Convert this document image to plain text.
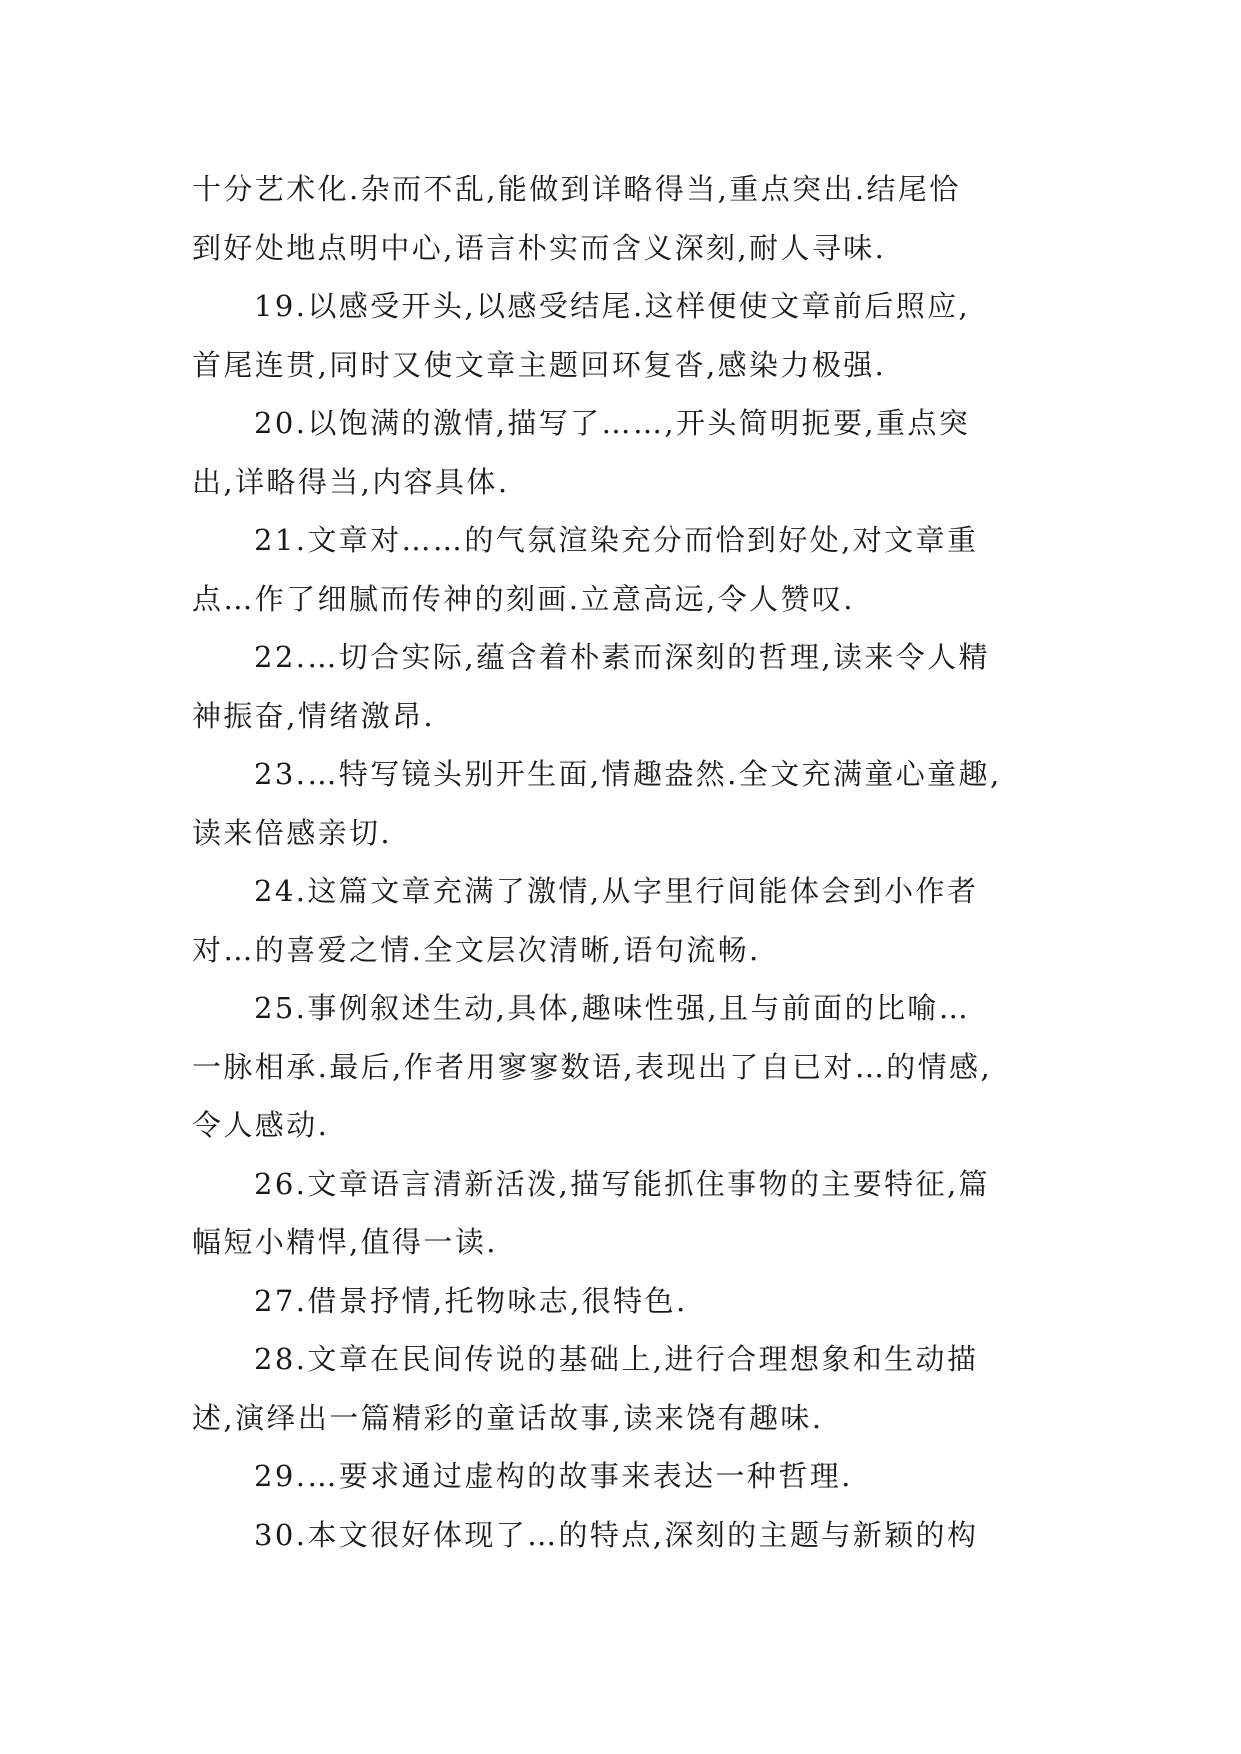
十分艺术化.杂而不乱,能做到详略得当,重点突出.结尾恰
到好处地点明中心,语言朴实而含义深刻,耐人寻味.

19.以感受开头,以感受结尾.这样便使文章前后照应,
首尾连贯,同时又使文章主题回环复沓,感染力极强.

20.以饱满的激情,描写了……,开头简明扼要,重点突
出,详略得当,内容具体.

21.文章对……的气氛渲染充分而恰到好处,对文章重
点…作了细腻而传神的刻画.立意高远,令人赞叹.

22.…切合实际,蕴含着朴素而深刻的哲理,读来令人精
神振奋,情绪激昂.

23.…特写镜头别开生面,情趣盎然.全文充满童心童趣,
读来倍感亲切.

24.这篇文章充满了激情,从字里行间能体会到小作者
对…的喜爱之情.全文层次清晰,语句流畅.

25.事例叙述生动,具体,趣味性强,且与前面的比喻…
一脉相承.最后,作者用寥寥数语,表现出了自已对…的情感,
令人感动.

26.文章语言清新活泼,描写能抓住事物的主要特征,篇
幅短小精悍,值得一读.

27.借景抒情,托物咏志,很特色.

28.文章在民间传说的基础上,进行合理想象和生动描
述,演绎出一篇精彩的童话故事,读来饶有趣味.

29.…要求通过虚构的故事来表达一种哲理.

30.本文很好体现了…的特点,深刻的主题与新颖的构
